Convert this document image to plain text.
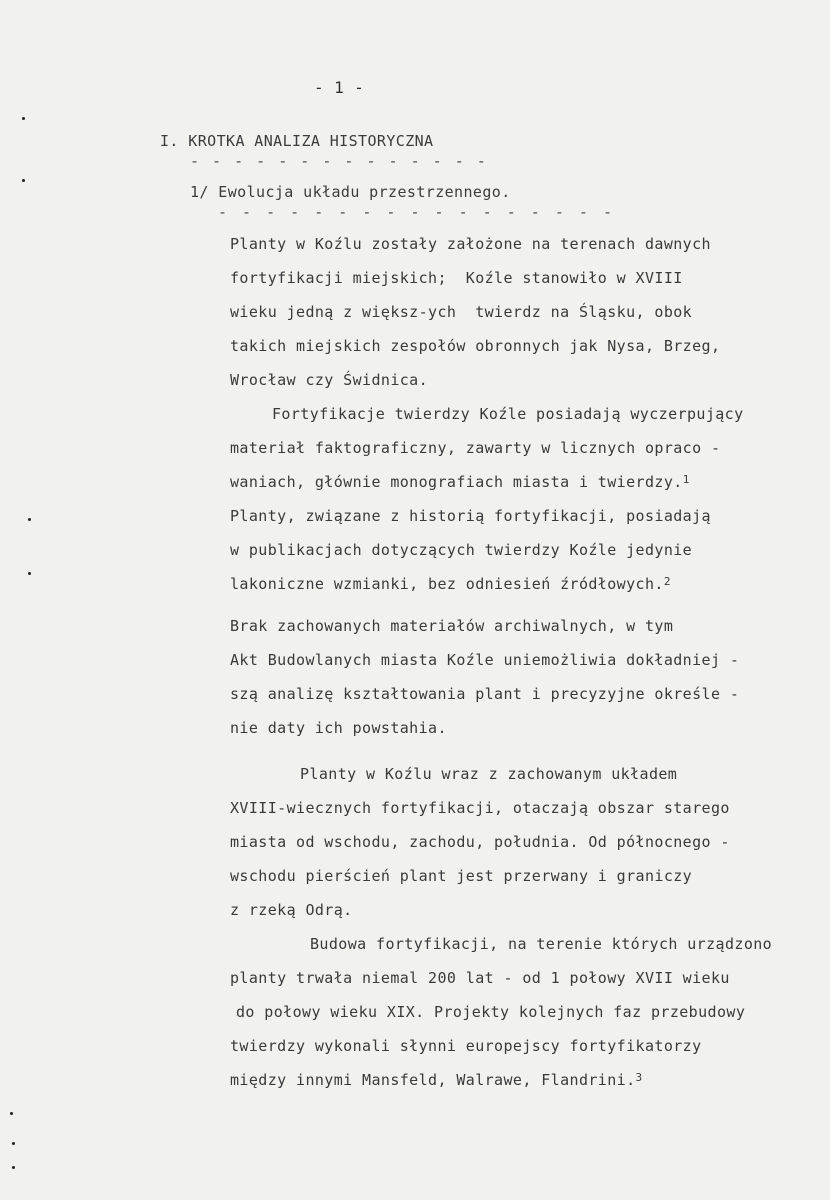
- 1 -
I. KROTKA ANALIZA HISTORYCZNA
- - - - - - - - - - - - - -
1/ Ewolucja układu przestrzennego.
- - - - - - - - - - - - - - - - -
Planty w Koźlu zostały założone na terenach dawnych
fortyfikacji miejskich;  Koźle stanowiło w XVIII
wieku jedną z większ-ych  twierdz na Śląsku, obok
takich miejskich zespołów obronnych jak Nysa, Brzeg,
Wrocław czy Świdnica.
Fortyfikacje twierdzy Koźle posiadają wyczerpujący
materiał faktograficzny, zawarty w licznych opraco -
waniach, głównie monografiach miasta i twierdzy.$^1$
Planty, związane z historią fortyfikacji, posiadają
w publikacjach dotyczących twierdzy Koźle jedynie
lakoniczne wzmianki, bez odniesień źródłowych.$^2$
Brak zachowanych materiałów archiwalnych, w tym
Akt Budowlanych miasta Koźle uniemożliwia dokładniej -
szą analizę kształtowania plant i precyzyjne określe -
nie daty ich powstahia.
Planty w Koźlu wraz z zachowanym układem
XVIII-wiecznych fortyfikacji, otaczają obszar starego
miasta od wschodu, zachodu, południa. Od północnego -
wschodu pierścień plant jest przerwany i graniczy
z rzeką Odrą.
Budowa fortyfikacji, na terenie których urządzono
planty trwała niemal 200 lat - od 1 połowy XVII wieku
do połowy wieku XIX. Projekty kolejnych faz przebudowy
twierdzy wykonali słynni europejscy fortyfikatorzy
między innymi Mansfeld, Walrawe, Flandrini.$^3$
